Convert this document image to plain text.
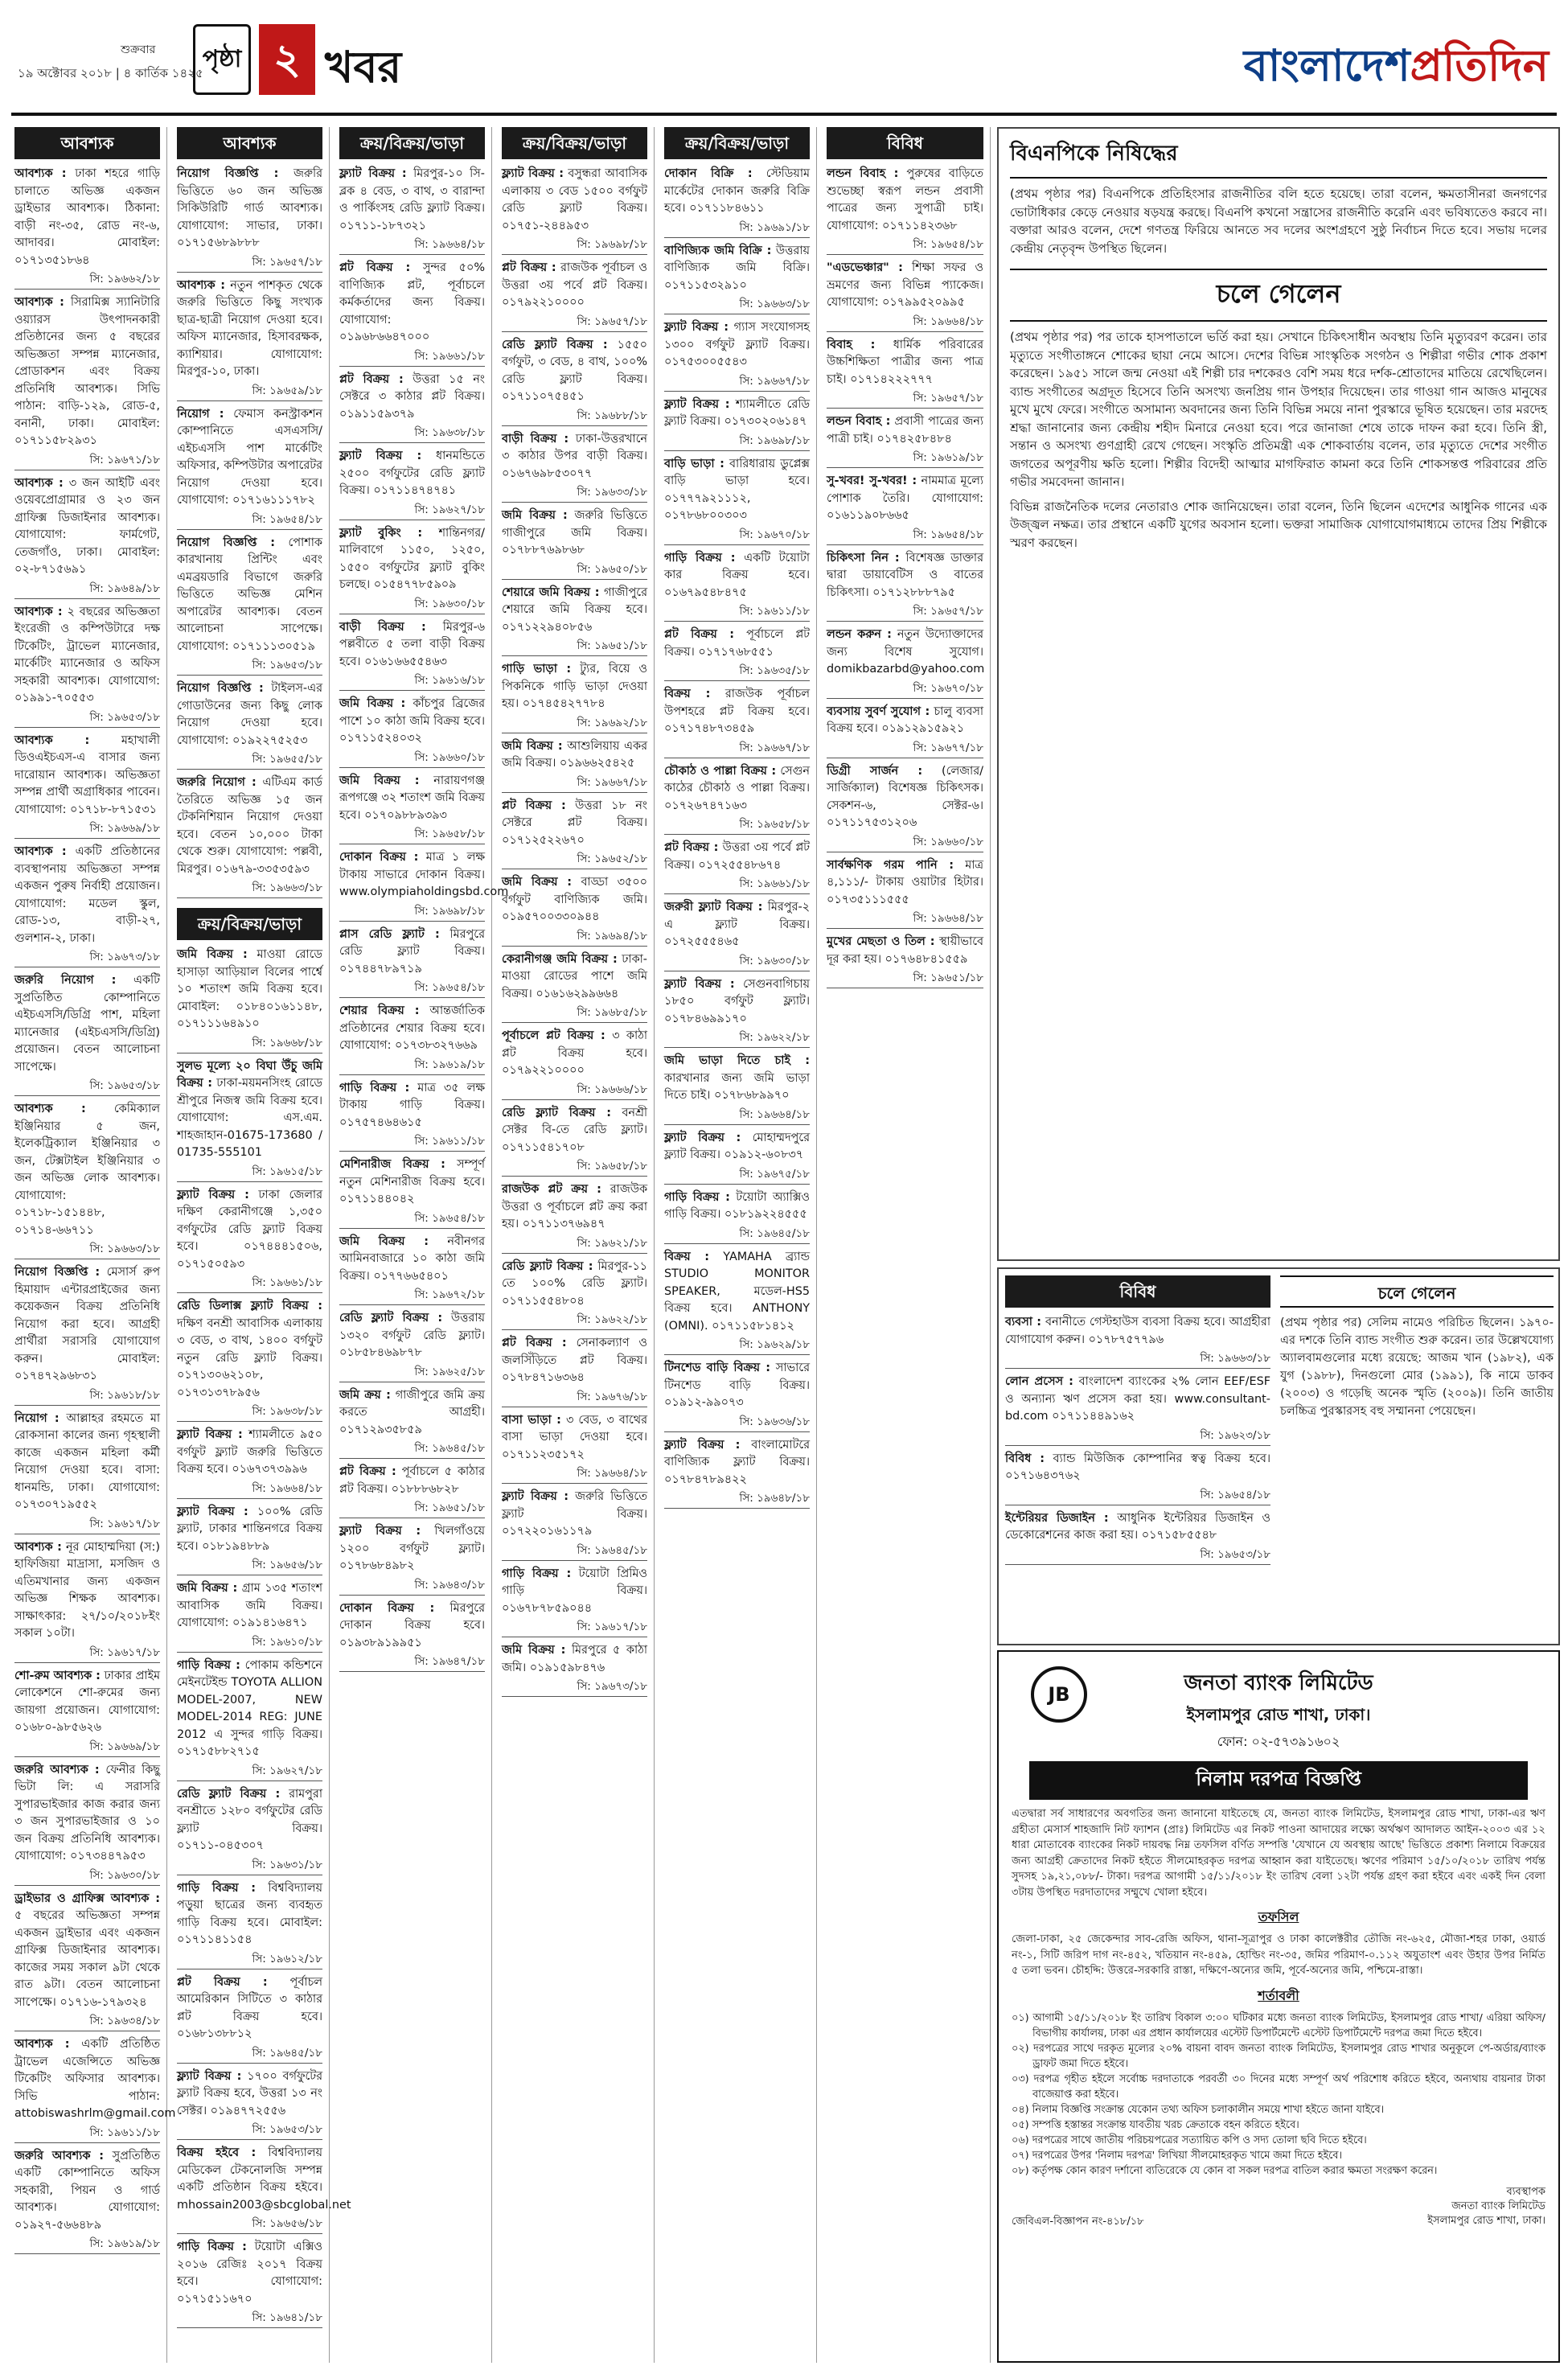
১৯ অক্টোবর ২০১৮ | ৪ কার্তিক ১৪২৫
শুক্রবার	পৃষ্ঠা ২ খবর	বাংলাদেশপ্রতিদিন
আবশ্যক
আবশ্যক : ঢাকা শহরে গাড়ি চালাতে অভিজ্ঞ একজন ড্রাইভার আবশ্যক। ঠিকানা: বাড়ী নং-৩৫, রোড নং-৬, আদাবর। মোবাইল: ০১৭১৩৫১৮৬৪
সি: ১৯৬৬২/১৮
আবশ্যক : সিরামিক্স স্যানিটারি ওয়্যারস উৎপাদনকারী প্রতিষ্ঠানের জন্য ৫ বছরের অভিজ্ঞতা সম্পন্ন ম্যানেজার, প্রোডাকশন এবং বিক্রয় প্রতিনিধি আবশ্যক। সিভি পাঠান: বাড়ি-১২৯, রোড-৫, বনানী, ঢাকা। মোবাইল: ০১৭১১৫৮২৯৩১
সি: ১৯৬৭১/১৮
আবশ্যক : ৩ জন আইটি এবং ওয়েবপ্রোগ্রামার ও ২৩ জন গ্রাফিক্স ডিজাইনার আবশ্যক। যোগাযোগ: ফার্মগেট, তেজগাঁও, ঢাকা। মোবাইল: ০২-৮৭১৫৬৯১
সি: ১৯৬৪৯/১৮
আবশ্যক : ২ বছরের অভিজ্ঞতা ইংরেজী ও কম্পিউটারে দক্ষ টিকেটিং, ট্রাভেল ম্যানেজার, মার্কেটিং ম্যানেজার ও অফিস সহকারী আবশ্যক। যোগাযোগ: ০১৯৯১-৭০৫৫৩
সি: ১৯৬৫৩/১৮
আবশ্যক :	মহাখালী ডিওএইচএস-এ বাসার জন্য দারোয়ান আবশ্যক। অভিজ্ঞতা সম্পন্ন প্রার্থী অগ্রাধিকার পাবেন। যোগাযোগ: ০১৭১৮-৮৭১৫৩১
সি: ১৯৬৬৯/১৮
আবশ্যক : একটি প্রতিষ্ঠানের ব্যবস্থাপনায় অভিজ্ঞতা সম্পন্ন একজন পুরুষ নির্বাহী প্রয়োজন। যোগাযোগ: মডেল স্কুল, রোড-১৩, বাড়ী-২৭, গুলশান-২, ঢাকা।
সি: ১৯৬৭৩/১৮
জরুরি নিয়োগ : একটি সুপ্রতিষ্ঠিত কোম্পানিতে এইচএসসি/ডিগ্রি পাশ, মহিলা ম্যানেজার (এইচএসসি/ডিগ্রি) প্রয়োজন। বেতন আলোচনা সাপেক্ষে।
সি: ১৯৬৫৩/১৮
আবশ্যক : কেমিক্যাল ইঞ্জিনিয়ার ৫ জন, ইলেকট্রিক্যাল ইঞ্জিনিয়ার ৩ জন, টেক্সটাইল ইঞ্জিনিয়ার ৩ জন অভিজ্ঞ লোক আবশ্যক। যোগাযোগ: ০১৭১৮-১৫১৪৪৮, ০১৭১৪-৬৬৭১১
সি: ১৯৬৬৩/১৮
নিয়োগ বিজ্ঞপ্তি : মেসার্স রুপ হিমায়াদ এন্টারপ্রাইজের জন্য কয়েকজন বিক্রয় প্রতিনিধি নিয়োগ করা হবে। আগ্রহী প্রার্থীরা সরাসরি যোগাযোগ করুন। মোবাইল: ০১৭৪৭২৯৬৮৩১
সি: ১৯৬১৮/১৮
নিয়োগ : আল্লাহর রহমতে মা রোকসানা কালের জন্য গৃহস্থালী কাজে একজন মহিলা কর্মী নিয়োগ দেওয়া হবে। বাসা: ধানমন্ডি, ঢাকা। যোগাযোগ: ০১৭৩০৭১৯৫৫২
সি: ১৯৬১৭/১৮
আবশ্যক : নূর মোহাম্মদিয়া (স:) হাফিজিয়া মাদ্রাসা, মসজিদ ও এতিমখানার জন্য একজন অভিজ্ঞ শিক্ষক আবশ্যক। সাক্ষাৎকার: ২৭/১০/২০১৮ইং সকাল ১০টা।
সি: ১৯৬১৭/১৮
শো-রুম আবশ্যক : ঢাকার প্রাইম লোকেশনে শো-রুমের জন্য জায়গা প্রয়োজন। যোগাযোগ: ০১৬৮০-৯৮৫৬২৬
সি: ১৯৬৬৯/১৮
জরুরি আবশ্যক : ফেনীর কিছু ভিটা লি: এ সরাসরি সুপারভাইজার কাজ করার জন্য ৩ জন সুপারভাইজার ও ১০ জন বিক্রয় প্রতিনিধি আবশ্যক। যোগাযোগ: ০১৭৩৪৪৭৯৫৩
সি: ১৯৬৩০/১৮
ড্রাইভার ও গ্রাফিক্স আবশ্যক : ৫ বছরের অভিজ্ঞতা সম্পন্ন একজন ড্রাইভার এবং একজন গ্রাফিক্স ডিজাইনার আবশ্যক। কাজের সময় সকাল ৯টা থেকে রাত ৯টা। বেতন আলোচনা সাপেক্ষে। ০১৭১৬-১৭৯৩২৪
সি: ১৯৬৩৪/১৮
আবশ্যক : একটি প্রতিষ্ঠিত ট্রাভেল এজেন্সিতে অভিজ্ঞ টিকেটিং অফিসার আবশ্যক। সিভি পাঠান: attobiswashrlm@gmail.com
সি: ১৯৬১১/১৮
জরুরি আবশ্যক : সুপ্রতিষ্ঠিত একটি কোম্পানিতে অফিস সহকারী, পিয়ন ও গার্ড আবশ্যক। যোগাযোগ: ০১৯২৭-৫৬৬৪৮৯
সি: ১৯৬১৯/১৮
আবশ্যক
নিয়োগ বিজ্ঞপ্তি : জরুরি ভিত্তিতে ৬০ জন অভিজ্ঞ সিকিউরিটি গার্ড আবশ্যক। যোগাযোগ: সাভার, ঢাকা। ০১৭১৫৬৮৯৮৮৮
সি: ১৯৬৫৭/১৮
আবশ্যক : নতুন পাশকৃত থেকে জরুরি ভিত্তিতে কিছু সংখ্যক ছাত্র-ছাত্রী নিয়োগ দেওয়া হবে। অফিস ম্যানেজার, হিসাবরক্ষক, ক্যাশিয়ার। যোগাযোগ: মিরপুর-১০, ঢাকা।
সি: ১৯৬৫৯/১৮
নিয়োগ : ফেমাস কনস্ট্রাকশন কোম্পানিতে এসএসসি/এইচএসসি পাশ মার্কেটিং অফিসার, কম্পিউটার অপারেটর নিয়োগ দেওয়া হবে। যোগাযোগ: ০১৭১৬১১১৭৮২
সি: ১৯৬৫৪/১৮
নিয়োগ বিজ্ঞপ্তি : পোশাক কারখানায় প্রিন্টিং এবং এমব্রয়ডারি বিভাগে জরুরি ভিত্তিতে অভিজ্ঞ মেশিন অপারেটর আবশ্যক। বেতন আলোচনা সাপেক্ষে। যোগাযোগ: ০১৭১১১৩০৫১৯
সি: ১৯৬৫৩/১৮
নিয়োগ বিজ্ঞপ্তি : টাইলস-এর গোডাউনের জন্য কিছু লোক নিয়োগ দেওয়া হবে। যোগাযোগ: ০১৯২২৭৫২৫৩
সি: ১৯৬৫৫/১৮
জরুরি নিয়োগ : এটিএম কার্ড তৈরিতে অভিজ্ঞ ১৫ জন টেকনিশিয়ান নিয়োগ দেওয়া হবে। বেতন ১০,০০০ টাকা থেকে শুরু। যোগাযোগ: পল্লবী, মিরপুর। ০১৬৭৯-৩৩৫৩৫৯৩
সি: ১৯৬৬৩/১৮
ক্রয়/বিক্রয়/ভাড়া
জমি বিক্রয় : মাওয়া রোডে হাসাড়া আড়িয়াল বিলের পার্শ্বে ১০ শতাংশ জমি বিক্রয় হবে। মোবাইল: ০১৮৪০১৬১১৪৮, ০১৭১১১৬৪৯১০
সি: ১৯৬৬৮/১৮
সুলভ মূল্যে ২০ বিঘা উঁচু জমি বিক্রয় : ঢাকা-ময়মনসিংহ রোডে শ্রীপুরে নিজস্ব জমি বিক্রয় হবে। যোগাযোগ: এস.এম. শাহজাহান-01675-173680 / 01735-555101
সি: ১৯৬১৫/১৮
ফ্ল্যাট বিক্রয় : ঢাকা জেলার দক্ষিণ কেরানীগঞ্জে ১,৩৫০ বর্গফুটের রেডি ফ্ল্যাট বিক্রয় হবে। ০১৭৪৪৪১৫০৬, ০১৭১৫০৫৯৩
সি: ১৯৬৬১/১৮
রেডি ডিলাক্স ফ্ল্যাট বিক্রয় : দক্ষিণ বনশ্রী আবাসিক এলাকায় ৩ বেড, ৩ বাথ, ১৪০০ বর্গফুট নতুন রেডি ফ্ল্যাট বিক্রয়। ০১৭১৩০৬২১০৮, ০১৭৩১৩৭৮৯৫৬
সি: ১৯৬৩৮/১৮
ফ্ল্যাট বিক্রয় : শ্যামলীতে ৯৫০ বর্গফুট ফ্ল্যাট জরুরি ভিত্তিতে বিক্রয় হবে। ০১৬৭৩৭৩৯৯৬
সি: ১৯৬৬৪/১৮
ফ্ল্যাট বিক্রয় : ১০০% রেডি ফ্ল্যাট, ঢাকার শান্তিনগরে বিক্রয় হবে। ০১৮১৯৪৮৮৯
সি: ১৯৬৫৬/১৮
জমি বিক্রয় : গ্রাম ১৩৫ শতাংশ আবাসিক জমি বিক্রয়। যোগাযোগ: ০১৯১৪১৬৪৭১
সি: ১৯৬১০/১৮
গাড়ি বিক্রয় : পোকাম কন্ডিশনে মেইনটেইন্ড TOYOTA ALLION MODEL-2007, NEW MODEL-2014 REG: JUNE 2012 এ সুন্দর গাড়ি বিক্রয়। ০১৭১৫৮৮২৭১৫
সি: ১৯৬২৭/১৮
রেডি ফ্ল্যাট বিক্রয় : রামপুরা বনশ্রীতে ১২৮০ বর্গফুটের রেডি ফ্ল্যাট বিক্রয়। ০১৭১১-০৪৫৩০৭
সি: ১৯৬৩১/১৮
গাড়ি বিক্রয় : বিশ্ববিদ্যালয় পড়ুয়া ছাত্রের জন্য ব্যবহৃত গাড়ি বিক্রয় হবে। মোবাইল: ০১৭১১৪১১৫৪
সি: ১৯৬১২/১৮
প্লট বিক্রয় : পূর্বাচল আমেরিকান সিটিতে ৩ কাঠার প্লট বিক্রয় হবে। ০১৬৮১৩৮৮১২
সি: ১৯৬৪৫/১৮
ফ্ল্যাট বিক্রয় : ১৭০০ বর্গফুটের ফ্ল্যাট বিক্রয় হবে, উত্তরা ১৩ নং সেক্টর। ০১৯৪৭৭২৫৫৬
সি: ১৯৬৫৩/১৮
বিক্রয় হইবে : বিশ্ববিদ্যালয় মেডিকেল টেকনোলজি সম্পন্ন একটি প্রতিষ্ঠান বিক্রয় হইবে। mhossain2003@sbcglobal.net
সি: ১৯৬৫৬/১৮
গাড়ি বিক্রয় : টয়োটা এক্সিও ২০১৬ রেজিঃ ২০১৭ বিক্রয় হবে। যোগাযোগ: ০১৭১৫১১৬৭০
সি: ১৯৬৪১/১৮
ক্রয়/বিক্রয়/ভাড়া
ফ্ল্যাট বিক্রয় : মিরপুর-১০ সি-ব্লক ৪ বেড, ৩ বাথ, ৩ বারান্দা ও পার্কিংসহ রেডি ফ্ল্যাট বিক্রয়। ০১৭১১-১৮৭৩২১
সি: ১৯৬৬৪/১৮
প্লট বিক্রয় : সুন্দর ৫০% বাণিজ্যিক প্লট, পূর্বাচলে কর্মকর্তাদের জন্য বিক্রয়। যোগাযোগ: ০১৯৬৮৬৬৪৭০০০
সি: ১৯৬৬১/১৮
প্লট বিক্রয় : উত্তরা ১৫ নং সেক্টরে ৩ কাঠার প্লট বিক্রয়। ০১৯১১৫৯৩৭৯
সি: ১৯৬৩৮/১৮
ফ্ল্যাট বিক্রয় : ধানমন্ডিতে ২৫০০ বর্গফুটের রেডি ফ্ল্যাট বিক্রয়। ০১৭১১৪৭৪৭৪১
সি: ১৯৬২৭/১৮
ফ্ল্যাট বুকিং : শান্তিনগর/মালিবাগে ১১৫০, ১২৫০, ১৫৫০ বর্গফুটের ফ্ল্যাট বুকিং চলছে। ০১৫৪৭৭৮৫৯০৯
সি: ১৯৬৩০/১৮
বাড়ী বিক্রয় : মিরপুর-৬ পল্লবীতে ৫ তলা বাড়ী বিক্রয় হবে। ০১৬১৬৬৫৫৪৬৩
সি: ১৯৬১৬/১৮
জমি বিক্রয় : কাঁচপুর ব্রিজের পাশে ১০ কাঠা জমি বিক্রয় হবে। ০১৭১১৫২৪০৩২
সি: ১৯৬৬০/১৮
জমি বিক্রয় : নারায়ণগঞ্জ রূপগঞ্জে ৩২ শতাংশ জমি বিক্রয় হবে। ০১৭০৯৮৮৯৩৯৩
সি: ১৯৬৫৮/১৮
দোকান বিক্রয় : মাত্র ১ লক্ষ টাকায় সাভারে দোকান বিক্রয়। www.olympiaholdingsbd.com
সি: ১৯৬৯৮/১৮
প্লাস রেডি ফ্ল্যাট : মিরপুরে রেডি ফ্ল্যাট বিক্রয়। ০১৭৪৪৭৮৯৭১৯
সি: ১৯৬৫৪/১৮
শেয়ার বিক্রয় : আন্তর্জাতিক প্রতিষ্ঠানের শেয়ার বিক্রয় হবে। যোগাযোগ: ০১৭৩৮৩২৭৬৬৯
সি: ১৯৬১৯/১৮
গাড়ি বিক্রয় : মাত্র ৩৫ লক্ষ টাকায় গাড়ি বিক্রয়। ০১৭৫৭৪৬৪৬১৫
সি: ১৯৬১১/১৮
মেশিনারীজ বিক্রয় : সম্পূর্ণ নতুন মেশিনারীজ বিক্রয় হবে। ০১৭১১৪৪০৪২
সি: ১৯৬৫৪/১৮
জমি বিক্রয় : নবীনগর আমিনবাজারে ১০ কাঠা জমি বিক্রয়। ০১৭৭৬৬৫৪০১
সি: ১৯৬৭২/১৮
রেডি ফ্ল্যাট বিক্রয় : উত্তরায় ১৩২০ বর্গফুট রেডি ফ্ল্যাট। ০১৮৫৮৪৬৯৮৭৮
সি: ১৯৬২৫/১৮
জমি ক্রয় : গাজীপুরে জমি ক্রয় করতে আগ্রহী। ০১৭১২৯৩৫৮৫৯
সি: ১৯৬৪৫/১৮
প্লট বিক্রয় : পূর্বাচলে ৫ কাঠার প্লট বিক্রয়। ০১৮৮৮৬৮২৮
সি: ১৯৬৫১/১৮
ফ্ল্যাট বিক্রয় : খিলগাঁওয়ে ১২০০ বর্গফুট ফ্ল্যাট। ০১৭৮৬৮৪৯৮২
সি: ১৯৬৪৩/১৮
দোকান বিক্রয় : মিরপুরে দোকান বিক্রয় হবে। ০১৯৩৮৯১৯৯৫১
সি: ১৯৬৪৭/১৮
ক্রয়/বিক্রয়/ভাড়া
ফ্ল্যাট বিক্রয় : বসুন্ধরা আবাসিক এলাকায় ৩ বেড ১৫০০ বর্গফুট রেডি ফ্ল্যাট বিক্রয়। ০১৭৫১-২৪৪৯৫৩
সি: ১৯৬৯৮/১৮
প্লট বিক্রয় : রাজউক পূর্বাচল ও উত্তরা ৩য় পর্বে প্লট বিক্রয়। ০১৭৯২২১০০০০
সি: ১৯৬৫৭/১৮
রেডি ফ্ল্যাট বিক্রয় : ১৫৫০ বর্গফুট, ৩ বেড, ৪ বাথ, ১০০% রেডি ফ্ল্যাট বিক্রয়। ০১৭১১০৭৫৪৫১
সি: ১৯৬৮৮/১৮
বাড়ী বিক্রয় : ঢাকা-উত্তরখানে ৩ কাঠার উপর বাড়ী বিক্রয়। ০১৬৭৬৯৮৫৩০৭৭
সি: ১৯৬৩৩/১৮
জমি বিক্রয় : জরুরি ভিত্তিতে গাজীপুরে জমি বিক্রয়। ০১৭৮৮৭৬৯৮৬৮
সি: ১৯৬৫০/১৮
শেয়ারে জমি বিক্রয় : গাজীপুরে শেয়ারে জমি বিক্রয় হবে। ০১৭১২২৯৪০৮৫৬
সি: ১৯৬৫১/১৮
গাড়ি ভাড়া : ট্যুর, বিয়ে ও পিকনিকে গাড়ি ভাড়া দেওয়া হয়। ০১৭৪৫৪২৭৭৮৪
সি: ১৯৬৯২/১৮
জমি বিক্রয় : আশুলিয়ায় একর জমি বিক্রয়। ০১৯৬৬২৫৪২৫
সি: ১৯৬৬৭/১৮
প্লট বিক্রয় : উত্তরা ১৮ নং সেক্টরে প্লট বিক্রয়। ০১৭১২৫২২৬৭০
সি: ১৯৬৫২/১৮
জমি বিক্রয় : বাড্ডা ৩৫০০ বর্গফুট বাণিজ্যিক জমি। ০১৯৫৭০০৩৩০৯৪৪
সি: ১৯৬৯৪/১৮
কেরানীগঞ্জ জমি বিক্রয় : ঢাকা-মাওয়া রোডের পাশে জমি বিক্রয়। ০১৬১৬২৯৯৬৬৪
সি: ১৯৬৮৫/১৮
পূর্বাচলে প্লট বিক্রয় : ৩ কাঠা প্লট বিক্রয় হবে। ০১৭৯২২১০০০০
সি: ১৯৬৬৬/১৮
রেডি ফ্ল্যাট বিক্রয় : বনশ্রী সেক্টর বি-তে রেডি ফ্ল্যাট। ০১৭১১৫৪১৭০৮
সি: ১৯৬৫৮/১৮
রাজউক প্লট ক্রয় : রাজউক উত্তরা ও পূর্বাচলে প্লট ক্রয় করা হয়। ০১৭১১৩৭৬৯৪৭
সি: ১৯৬২১/১৮
রেডি ফ্ল্যাট বিক্রয় : মিরপুর-১১ তে ১০০% রেডি ফ্ল্যাট। ০১৭১১৫৫৪৮০৪
সি: ১৯৬২২/১৮
প্লট বিক্রয় : সেনাকল্যাণ ও জলসিঁড়িতে প্লট বিক্রয়। ০১৭৮৪৭১৬৩৬৪
সি: ১৯৬৭৬/১৮
বাসা ভাড়া : ৩ বেড, ৩ বাথের বাসা ভাড়া দেওয়া হবে। ০১৭১১২৩৫১৭২
সি: ১৯৬৬৪/১৮
ফ্ল্যাট বিক্রয় : জরুরি ভিত্তিতে ফ্ল্যাট বিক্রয়। ০১৭২২০১৬১১৭৯
সি: ১৯৬৪৫/১৮
গাড়ি বিক্রয় : টয়োটা প্রিমিও গাড়ি বিক্রয়। ০১৬৭৮৭৮৫৯০৪৪
সি: ১৯৬১৭/১৮
জমি বিক্রয় : মিরপুরে ৫ কাঠা জমি। ০১৯১৫৯৮৪৭৬
সি: ১৯৬৭৩/১৮
ক্রয়/বিক্রয়/ভাড়া
দোকান বিক্রি : স্টেডিয়াম মার্কেটের দোকান জরুরি বিক্রি হবে। ০১৭১১৮৪৬১১
সি: ১৯৬৯১/১৮
বাণিজ্যিক জমি বিক্রি : উত্তরায় বাণিজ্যিক জমি বিক্রি। ০১৭১১৫৩২৯১০
সি: ১৯৬৬৩/১৮
ফ্ল্যাট বিক্রয় : গ্যাস সংযোগসহ ১৩০০ বর্গফুট ফ্ল্যাট বিক্রয়। ০১৭৫৩০০৫৫৪৩
সি: ১৯৬৬৭/১৮
ফ্ল্যাট বিক্রয় : শ্যামলীতে রেডি ফ্ল্যাট বিক্রয়। ০১৭৩০২০৬১৪৭
সি: ১৯৬৯৮/১৮
বাড়ি ভাড়া : বারিধারায় ডুপ্লেক্স বাড়ি ভাড়া হবে। ০১৭৭৭৯২১১১২, ০১৭৮৬৮০০৩০৩
সি: ১৯৬৭০/১৮
গাড়ি বিক্রয় : একটি টয়োটা কার বিক্রয় হবে। ০১৬৭৯৫৪৮৪৭৫
সি: ১৯৬১১/১৮
প্লট বিক্রয় : পূর্বাচলে প্লট বিক্রয়। ০১৭১৭৬৮৫৫১
সি: ১৯৬৩৫/১৮
বিক্রয় : রাজউক পূর্বাচল উপশহরে প্লট বিক্রয় হবে। ০১৭১৭৪৮৭৩৪৫৯
সি: ১৯৬৬৭/১৮
চৌকাঠ ও পাল্লা বিক্রয় : সেগুন কাঠের চৌকাঠ ও পাল্লা বিক্রয়। ০১৭২৬৭৪৭১৬৩
সি: ১৯৬৫৮/১৮
প্লট বিক্রয় : উত্তরা ৩য় পর্বে প্লট বিক্রয়। ০১৭২৫৫৪৮৬৭৪
সি: ১৯৬৬১/১৮
জরুরী ফ্ল্যাট বিক্রয় : মিরপুর-২ এ ফ্ল্যাট বিক্রয়। ০১৭২৫৫৫৪৬৫
সি: ১৯৬৩০/১৮
ফ্ল্যাট বিক্রয় : সেগুনবাগিচায় ১৮৫০ বর্গফুট ফ্ল্যাট। ০১৭৮৪৬৯৯১৭০
সি: ১৯৬২২/১৮
জমি ভাড়া দিতে চাই : কারখানার জন্য জমি ভাড়া দিতে চাই। ০১৭৮৬৮৯৯৭০
সি: ১৯৬৬৪/১৮
ফ্ল্যাট বিক্রয় : মোহাম্মদপুরে ফ্ল্যাট বিক্রয়। ০১৯১২-৬০৮৩৭
সি: ১৯৬৭৫/১৮
গাড়ি বিক্রয় : টয়োটা অ্যাক্সিও গাড়ি বিক্রয়। ০১৮১৯২২৪৫৫৫
সি: ১৯৬৪৫/১৮
বিক্রয় : YAMAHA ব্র্যান্ড STUDIO MONITOR SPEAKER, মডেল-HS5 বিক্রয় হবে। ANTHONY (OMNI). ০১৭১১৫৮১৪১২
সি: ১৯৬২৯/১৮
টিনশেড বাড়ি বিক্রয় : সাভারে টিনশেড বাড়ি বিক্রয়। ০১৯১২-৯৯০৭৩
সি: ১৯৬৩৬/১৮
ফ্ল্যাট বিক্রয় : বাংলামোটরে বাণিজ্যিক ফ্ল্যাট বিক্রয়। ০১৭৮৪৭৮৯৪২২
সি: ১৯৬৪৮/১৮
বিবিধ
লন্ডন বিবাহ : পুরুষের বাড়িতে শুভেচ্ছা স্বরূপ লন্ডন প্রবাসী পাত্রের জন্য সুপাত্রী চাই। যোগাযোগ: ০১৭১১৪২৩৬৮
সি: ১৯৬৫৪/১৮
"এডভেঞ্চার" : শিক্ষা সফর ও ভ্রমণের জন্য বিভিন্ন প্যাকেজ। যোগাযোগ: ০১৭৯৯৫২০৯৯৫
সি: ১৯৬৬৪/১৮
বিবাহ : ধার্মিক পরিবারের উচ্চশিক্ষিতা পাত্রীর জন্য পাত্র চাই। ০১৭১৪২২২৭৭৭
সি: ১৯৬৫৭/১৮
লন্ডন বিবাহ : প্রবাসী পাত্রের জন্য পাত্রী চাই। ০১৭৪২৫৮৪৮৪
সি: ১৯৬১৯/১৮
সু-খবর! সু-খবর! : নামমাত্র মূল্যে পোশাক তৈরি। যোগাযোগ: ০১৬১১৯০৮৬৬৫
সি: ১৯৬৫৪/১৮
চিকিৎসা নিন : বিশেষজ্ঞ ডাক্তার দ্বারা ডায়াবেটিস ও বাতের চিকিৎসা। ০১৭১২৮৮৮৭৯৫
সি: ১৯৬৫৭/১৮
লন্ডন করুন : নতুন উদ্যোক্তাদের জন্য বিশেষ সুযোগ। domikbazarbd@yahoo.com
সি: ১৯৬৭০/১৮
ব্যবসায় সুবর্ণ সুযোগ : চালু ব্যবসা বিক্রয় হবে। ০১৯১২৯১৫৯২১
সি: ১৯৬৭৭/১৮
ডিগ্রী সার্জন : (লেজার/সার্জিক্যাল) বিশেষজ্ঞ চিকিৎসক। সেকশন-৬, সেক্টর-৬। ০১৭১১৭৫৩১২০৬
সি: ১৯৬৬০/১৮
সার্বক্ষণিক গরম পানি : মাত্র ৪,১১১/- টাকায় ওয়াটার হিটার। ০১৭৩৫১১১৫৫৫
সি: ১৯৬৬৪/১৮
মুখের মেছতা ও তিল : স্থায়ীভাবে দূর করা হয়। ০১৭৬৪৮৪১৫৫৯
সি: ১৯৬৫১/১৮
বিএনপিকে নিষিদ্ধের
(প্রথম পৃষ্ঠার পর) বিএনপিকে প্রতিহিংসার রাজনীতির বলি হতে হয়েছে। তারা বলেন, ক্ষমতাসীনরা জনগণের ভোটাধিকার কেড়ে নেওয়ার ষড়যন্ত্র করছে। বিএনপি কখনো সন্ত্রাসের রাজনীতি করেনি এবং ভবিষ্যতেও করবে না। বক্তারা আরও বলেন, দেশে গণতন্ত্র ফিরিয়ে আনতে সব দলের অংশগ্রহণে সুষ্ঠু নির্বাচন দিতে হবে। সভায় দলের কেন্দ্রীয় নেতৃবৃন্দ উপস্থিত ছিলেন।
চলে গেলেন
(প্রথম পৃষ্ঠার পর) পর তাকে হাসপাতালে ভর্তি করা হয়। সেখানে চিকিৎসাধীন অবস্থায় তিনি মৃত্যুবরণ করেন। তার মৃত্যুতে সংগীতাঙ্গনে শোকের ছায়া নেমে আসে। দেশের বিভিন্ন সাংস্কৃতিক সংগঠন ও শিল্পীরা গভীর শোক প্রকাশ করেছেন। ১৯৫১ সালে জন্ম নেওয়া এই শিল্পী চার দশকেরও বেশি সময় ধরে দর্শক-শ্রোতাদের মাতিয়ে রেখেছিলেন। ব্যান্ড সংগীতের অগ্রদূত হিসেবে তিনি অসংখ্য জনপ্রিয় গান উপহার দিয়েছেন। তার গাওয়া গান আজও মানুষের মুখে মুখে ফেরে। সংগীতে অসামান্য অবদানের জন্য তিনি বিভিন্ন সময়ে নানা পুরস্কারে ভূষিত হয়েছেন। তার মরদেহ শ্রদ্ধা জানানোর জন্য কেন্দ্রীয় শহীদ মিনারে নেওয়া হবে। পরে জানাজা শেষে তাকে দাফন করা হবে। তিনি স্ত্রী, সন্তান ও অসংখ্য গুণগ্রাহী রেখে গেছেন। সংস্কৃতি প্রতিমন্ত্রী এক শোকবার্তায় বলেন, তার মৃত্যুতে দেশের সংগীত জগতের অপূরণীয় ক্ষতি হলো। শিল্পীর বিদেহী আত্মার মাগফিরাত কামনা করে তিনি শোকসন্তপ্ত পরিবারের প্রতি গভীর সমবেদনা জানান।
বিভিন্ন রাজনৈতিক দলের নেতারাও শোক জানিয়েছেন। তারা বলেন, তিনি ছিলেন এদেশের আধুনিক গানের এক উজ্জ্বল নক্ষত্র। তার প্রস্থানে একটি যুগের অবসান হলো। ভক্তরা সামাজিক যোগাযোগমাধ্যমে তাদের প্রিয় শিল্পীকে স্মরণ করছেন।
বিবিধ
ব্যবসা : বনানীতে গেস্টহাউস ব্যবসা বিক্রয় হবে। আগ্রহীরা যোগাযোগ করুন। ০১৭৮৭৫৭৭৯৬
সি: ১৯৬৬৩/১৮
লোন প্রসেস : বাংলাদেশ ব্যাংকের ২% লোন EEF/ESF ও অন্যান্য ঋণ প্রসেস করা হয়। www.consultant-bd.com ০১৭১১৪৪৯১৬২
সি: ১৯৬২৩/১৮
বিবিধ : ব্যান্ড মিউজিক কোম্পানির স্বত্ব বিক্রয় হবে। ০১৭১৬৪৩৭৬২
সি: ১৯৬৫৪/১৮
ইন্টেরিয়র ডিজাইন : আধুনিক ইন্টেরিয়র ডিজাইন ও ডেকোরেশনের কাজ করা হয়। ০১৭১৫৮৫৫৪৮
সি: ১৯৬৫৩/১৮
চলে গেলেন
(প্রথম পৃষ্ঠার পর) সেলিম নামেও পরিচিত ছিলেন। ১৯৭০-এর দশকে তিনি ব্যান্ড সংগীত শুরু করেন। তার উল্লেখযোগ্য অ্যালবামগুলোর মধ্যে রয়েছে: আজম খান (১৯৮২), এক যুগ (১৯৮৮), দিনগুলো মোর (১৯৯১), কি নামে ডাকব (২০০৩) ও গড়েছি অনেক স্মৃতি (২০০৯)। তিনি জাতীয় চলচ্চিত্র পুরস্কারসহ বহু সম্মাননা পেয়েছেন।
JB	জনতা ব্যাংক লিমিটেড
ইসলামপুর রোড শাখা, ঢাকা।
ফোন: ০২-৫৭৩৯১৬০২
নিলাম দরপত্র বিজ্ঞপ্তি
এতদ্বারা সর্ব সাধারণের অবগতির জন্য জানানো যাইতেছে যে, জনতা ব্যাংক লিমিটেড, ইসলামপুর রোড শাখা, ঢাকা-এর ঋণ গ্রহীতা মেসার্স শাহজাদি নিট ফ্যাশন (প্রাঃ) লিমিটেড এর নিকট পাওনা আদায়ের লক্ষ্যে অর্থঋণ আদালত আইন-২০০৩ এর ১২ ধারা মোতাবেক ব্যাংকের নিকট দায়বদ্ধ নিম্ন তফসিল বর্ণিত সম্পত্তি 'যেখানে যে অবস্থায় আছে' ভিত্তিতে প্রকাশ্য নিলামে বিক্রয়ের জন্য আগ্রহী ক্রেতাদের নিকট হইতে সীলমোহরকৃত দরপত্র আহ্বান করা যাইতেছে। ঋণের পরিমাণ ১৫/১০/২০১৮ তারিখ পর্যন্ত সুদসহ ১৯,২১,০৮৮/- টাকা। দরপত্র আগামী ১৫/১১/২০১৮ ইং তারিখ বেলা ১২টা পর্যন্ত গ্রহণ করা হইবে এবং একই দিন বেলা ৩টায় উপস্থিত দরদাতাদের সম্মুখে খোলা হইবে।
তফসিল
জেলা-ঢাকা, ২৫ জেকেন্দার সাব-রেজি অফিস, থানা-সূত্রাপুর ও ঢাকা কালেক্টরীর তৌজি নং-৬২৫, মৌজা-শহর ঢাকা, ওয়ার্ড নং-১, সিটি জরিপ দাগ নং-৪৫২, খতিয়ান নং-৪৫৯, হোল্ডিং নং-৩৫, জমির পরিমাণ-০.১১২ অযুতাংশ এবং উহার উপর নির্মিত ৫ তলা ভবন। চৌহদ্দি: উত্তরে-সরকারি রাস্তা, দক্ষিণে-অন্যের জমি, পূর্বে-অন্যের জমি, পশ্চিমে-রাস্তা।
শর্তাবলী
০১) আগামী ১৫/১১/২০১৮ ইং তারিখ বিকাল ৩:০০ ঘটিকার মধ্যে জনতা ব্যাংক লিমিটেড, ইসলামপুর রোড শাখা/ এরিয়া অফিস/ বিভাগীয় কার্যালয়, ঢাকা এর প্রধান কার্যালয়ের এস্টেট ডিপার্টমেন্টে এস্টেট ডিপার্টমেন্টে দরপত্র জমা দিতে হইবে।
০২) দরপত্রের সাথে দরকৃত মূল্যের ২০% বায়না বাবদ জনতা ব্যাংক লিমিটেড, ইসলামপুর রোড শাখার অনুকূলে পে-অর্ডার/ব্যাংক ড্রাফট জমা দিতে হইবে।
০৩) দরপত্র গৃহীত হইলে সর্বোচ্চ দরদাতাকে পরবর্তী ৩০ দিনের মধ্যে সম্পূর্ণ অর্থ পরিশোধ করিতে হইবে, অন্যথায় বায়নার টাকা বাজেয়াপ্ত করা হইবে।
০৪) নিলাম বিজ্ঞপ্তি সংক্রান্ত যেকোন তথ্য অফিস চলাকালীন সময়ে শাখা হইতে জানা যাইবে।
০৫) সম্পত্তি হস্তান্তর সংক্রান্ত যাবতীয় খরচ ক্রেতাকে বহন করিতে হইবে।
০৬) দরপত্রের সাথে জাতীয় পরিচয়পত্রের সত্যায়িত কপি ও সদ্য তোলা ছবি দিতে হইবে।
০৭) দরপত্রের উপর 'নিলাম দরপত্র' লিখিয়া সীলমোহরকৃত খামে জমা দিতে হইবে।
০৮) কর্তৃপক্ষ কোন কারণ দর্শানো ব্যতিরেকে যে কোন বা সকল দরপত্র বাতিল করার ক্ষমতা সংরক্ষণ করেন।
ব্যবস্থাপক
জনতা ব্যাংক লিমিটেড
ইসলামপুর রোড শাখা, ঢাকা।
জেবিএল-বিজ্ঞাপন নং-৪১৮/১৮
